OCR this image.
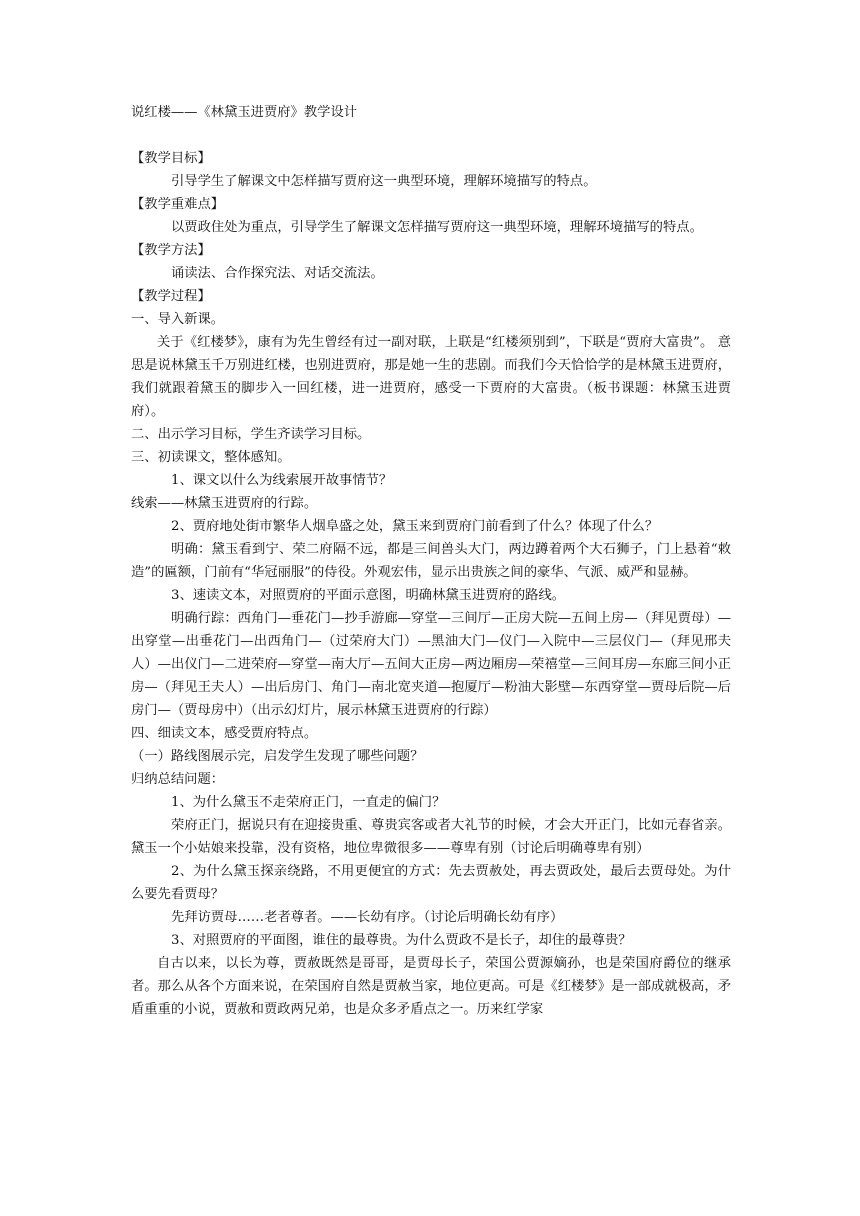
说红楼——《林黛玉进贾府》教学设计
【教学目标】
引导学生了解课文中怎样描写贾府这一典型环境，理解环境描写的特点。
【教学重难点】
以贾政住处为重点，引导学生了解课文怎样描写贾府这一典型环境，理解环境描写的特点。
【教学方法】
诵读法、合作探究法、对话交流法。
【教学过程】
一、导入新课。
关于《红楼梦》，康有为先生曾经有过一副对联，上联是“红楼须别到”，下联是“贾府大富贵”。 意思是说林黛玉千万别进红楼，也别进贾府，那是她一生的悲剧。而我们今天恰恰学的是林黛玉进贾府，我们就跟着黛玉的脚步入一回红楼，进一进贾府，感受一下贾府的大富贵。（板书课题：林黛玉进贾府）。
二、出示学习目标，学生齐读学习目标。
三、初读课文，整体感知。
1、课文以什么为线索展开故事情节？
线索——林黛玉进贾府的行踪。
2、贾府地处街市繁华人烟阜盛之处，黛玉来到贾府门前看到了什么？体现了什么？
明确：黛玉看到宁、荣二府隔不远，都是三间兽头大门，两边蹲着两个大石狮子，门上悬着“敕造”的匾额，门前有“华冠丽服”的侍役。外观宏伟，显示出贵族之间的豪华、气派、威严和显赫。
3、速读文本，对照贾府的平面示意图，明确林黛玉进贾府的路线。
明确行踪：西角门—垂花门—抄手游廊—穿堂—三间厅—正房大院—五间上房—（拜见贾母）—出穿堂—出垂花门—出西角门—（过荣府大门）—黑油大门—仪门—入院中—三层仪门—（拜见邢夫人）—出仪门—二进荣府—穿堂—南大厅—五间大正房—两边厢房—荣禧堂—三间耳房—东廊三间小正房—（拜见王夫人）—出后房门、角门—南北宽夹道—抱厦厅—粉油大影壁—东西穿堂—贾母后院—后房门—（贾母房中）（出示幻灯片，展示林黛玉进贾府的行踪）
四、细读文本，感受贾府特点。
（一）路线图展示完，启发学生发现了哪些问题？
归纳总结问题：
1、为什么黛玉不走荣府正门，一直走的偏门？
荣府正门，据说只有在迎接贵重、尊贵宾客或者大礼节的时候，才会大开正门，比如元春省亲。黛玉一个小姑娘来投靠，没有资格，地位卑微很多——尊卑有别（讨论后明确尊卑有别）
2、为什么黛玉探亲绕路，不用更便宜的方式：先去贾赦处，再去贾政处，最后去贾母处。为什么要先看贾母？
先拜访贾母……老者尊者。——长幼有序。（讨论后明确长幼有序）
3、对照贾府的平面图，谁住的最尊贵。为什么贾政不是长子，却住的最尊贵？
自古以来，以长为尊，贾赦既然是哥哥，是贾母长子，荣国公贾源嫡孙，也是荣国府爵位的继承者。那么从各个方面来说，在荣国府自然是贾赦当家，地位更高。可是《红楼梦》是一部成就极高，矛盾重重的小说，贾赦和贾政两兄弟，也是众多矛盾点之一。历来红学家
